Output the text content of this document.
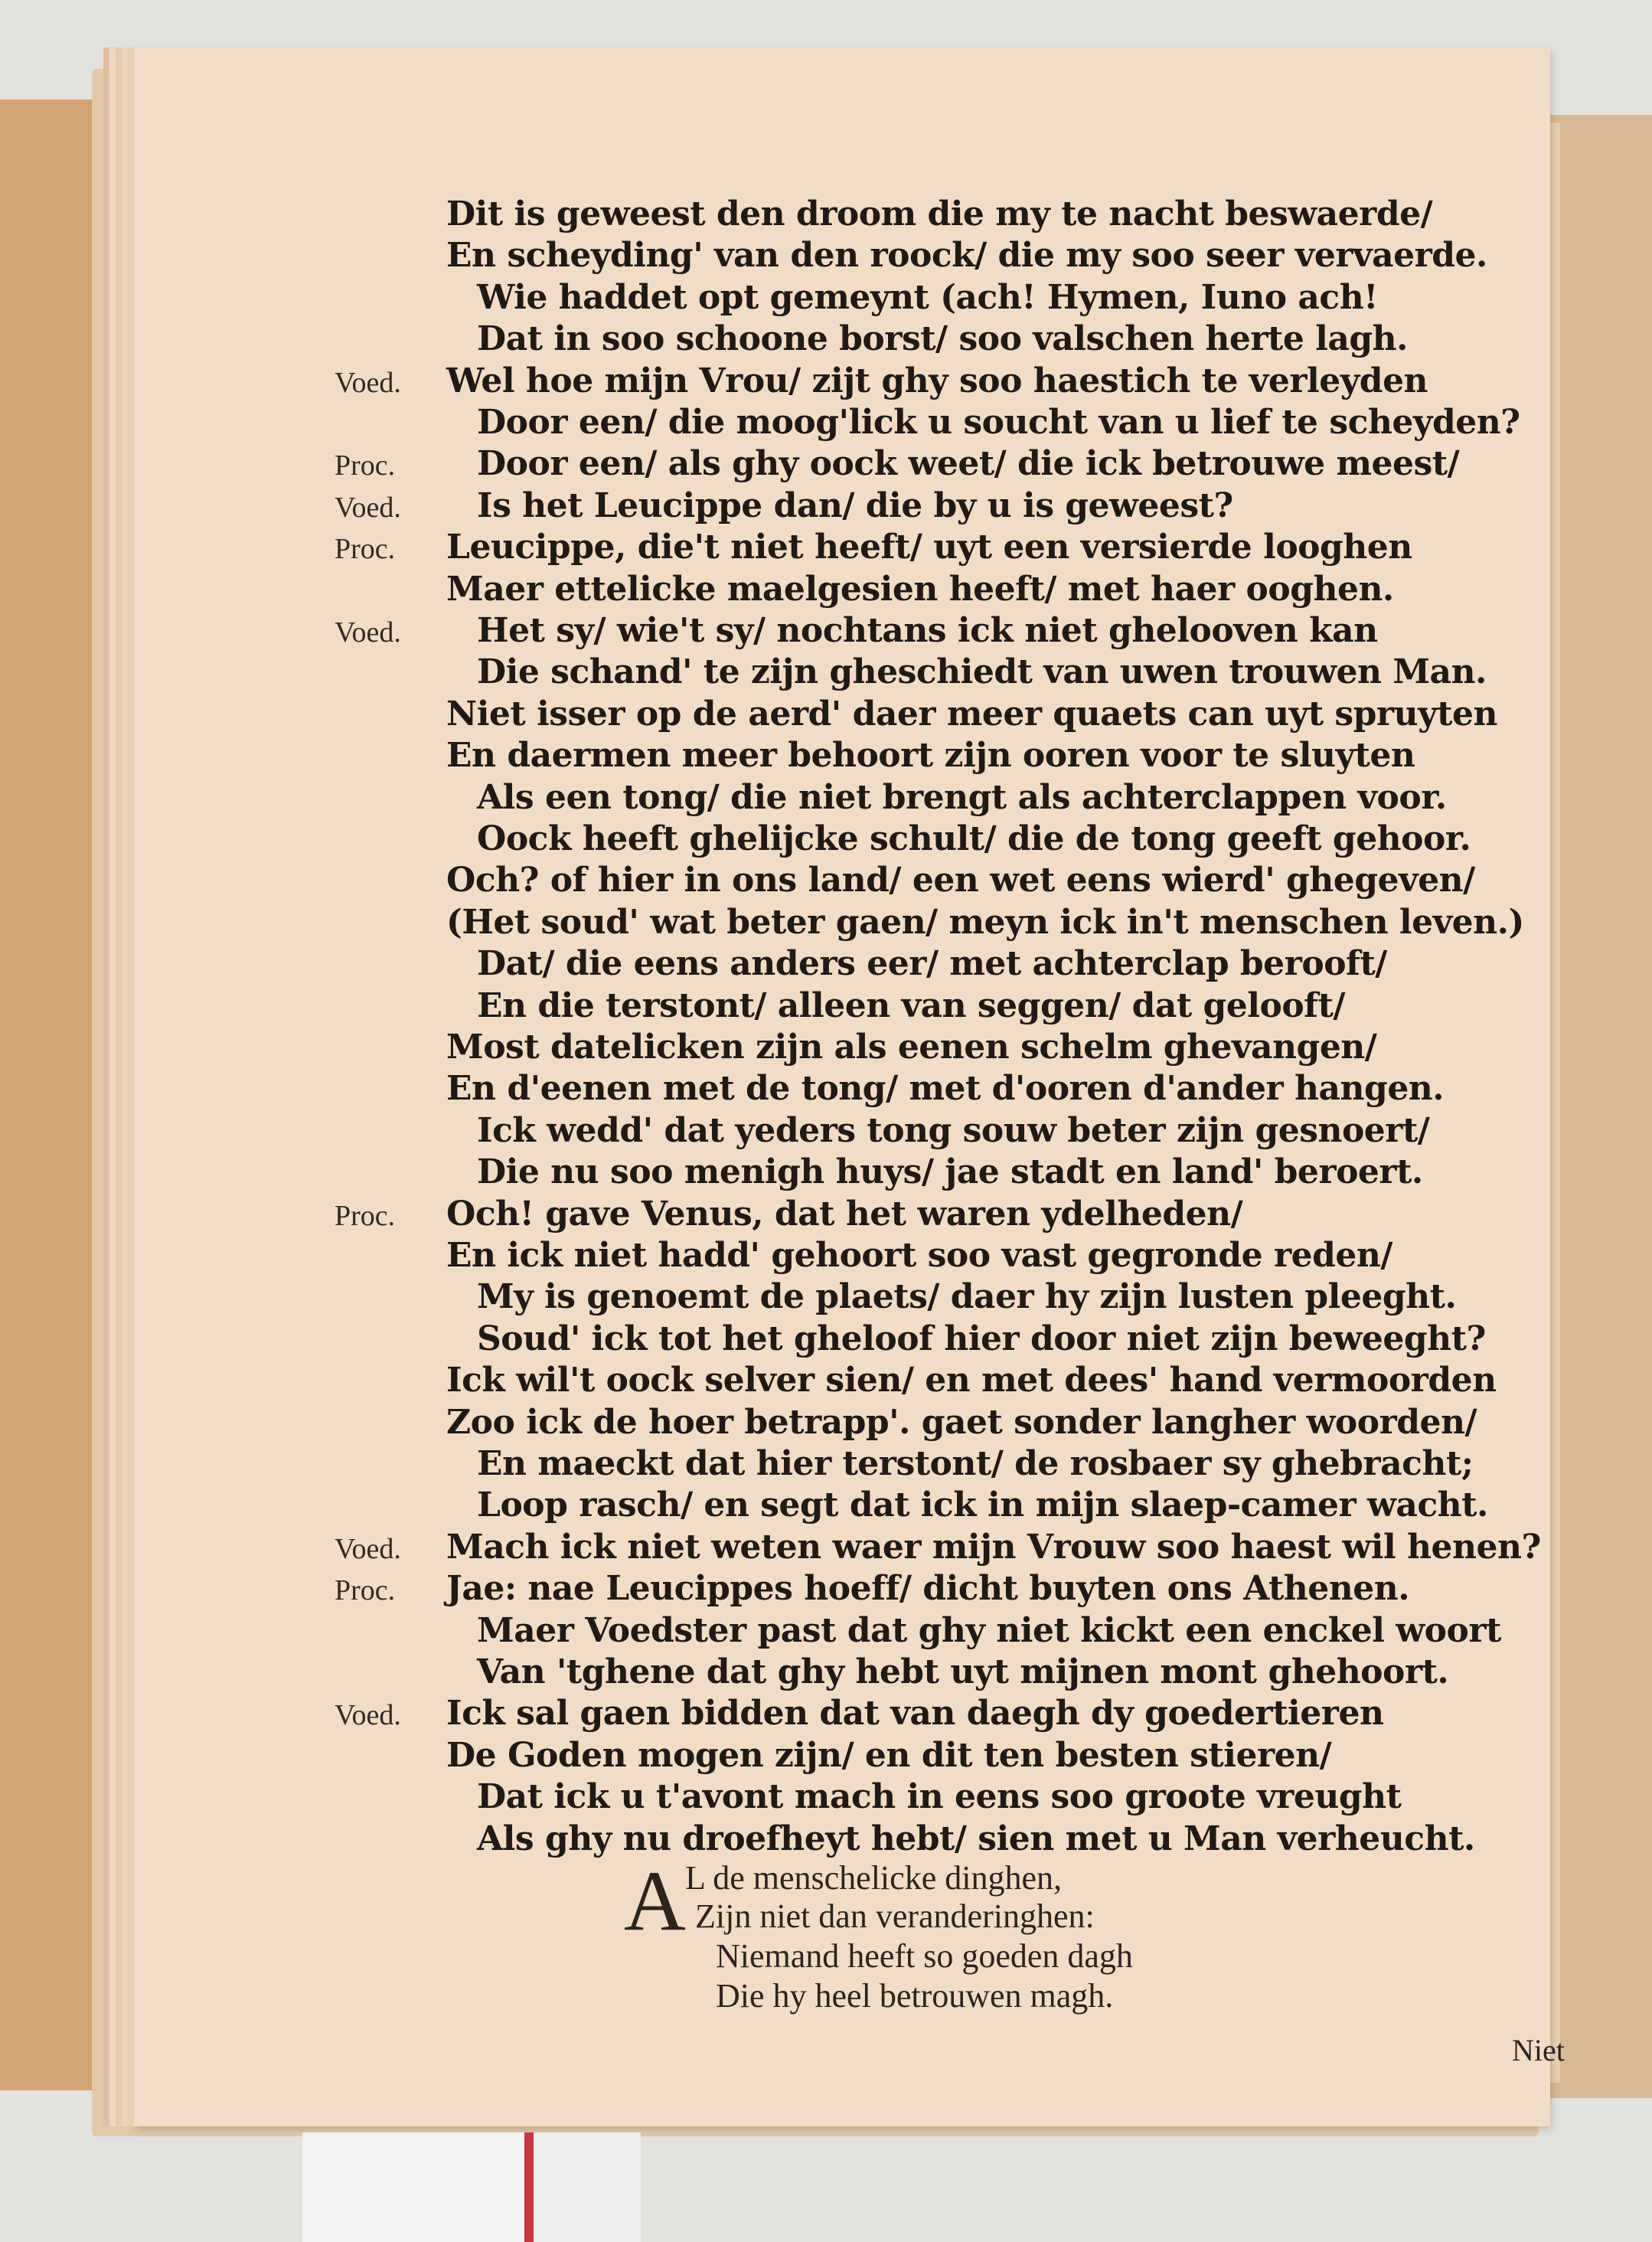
Dit is geweest den droom die my te nacht beswaerde/
En scheyding' van den roock/ die my soo seer vervaerde.
Wie haddet opt gemeynt (ach! Hymen, Iuno ach!
Dat in soo schoone borst/ soo valschen herte lagh.
Voed. Wel hoe mijn Vrou/ zijt ghy soo haestich te verleyden
Door een/ die moog'lick u soucht van u lief te scheyden?
Proc. Door een/ als ghy oock weet/ die ick betrouwe meest/
Voed. Is het Leucippe dan/ die by u is geweest?
Proc. Leucippe, die't niet heeft/ uyt een versierde looghen
Maer ettelicke maelgesien heeft/ met haer ooghen.
Voed. Het sy/ wie't sy/ nochtans ick niet ghelooven kan
Die schand' te zijn gheschiedt van uwen trouwen Man.
Niet isser op de aerd' daer meer quaets can uyt spruyten
En daermen meer behoort zijn ooren voor te sluyten
Als een tong/ die niet brengt als achterclappen voor.
Oock heeft ghelijcke schult/ die de tong geeft gehoor.
Och? of hier in ons land/ een wet eens wierd' ghegeven/
(Het soud' wat beter gaen/ meyn ick in't menschen leven.)
Dat/ die eens anders eer/ met achterclap berooft/
En die terstont/ alleen van seggen/ dat gelooft/
Most datelicken zijn als eenen schelm ghevangen/
En d'eenen met de tong/ met d'ooren d'ander hangen.
Ick wedd' dat yeders tong souw beter zijn gesnoert/
Die nu soo menigh huys/ jae stadt en land' beroert.
Proc. Och! gave Venus, dat het waren ydelheden/
En ick niet hadd' gehoort soo vast gegronde reden/
My is genoemt de plaets/ daer hy zijn lusten pleeght.
Soud' ick tot het gheloof hier door niet zijn beweeght?
Ick wil't oock selver sien/ en met dees' hand vermoorden
Zoo ick de hoer betrapp'. gaet sonder langher woorden/
En maeckt dat hier terstont/ de rosbaer sy ghebracht;
Loop rasch/ en segt dat ick in mijn slaep-camer wacht.
Voed. Mach ick niet weten waer mijn Vrouw soo haest wil henen?
Proc. Jae: nae Leucippes hoeff/ dicht buyten ons Athenen.
Maer Voedster past dat ghy niet kickt een enckel woort
Van 'tghene dat ghy hebt uyt mijnen mont ghehoort.
Voed. Ick sal gaen bidden dat van daegh dy goedertieren
De Goden mogen zijn/ en dit ten besten stieren/
Dat ick u t'avont mach in eens soo groote vreught
Als ghy nu droefheyt hebt/ sien met u Man verheucht.
A L de menschelicke dinghen,
Zijn niet dan veranderinghen:
Niemand heeft so goeden dagh
Die hy heel betrouwen magh.
Niet
